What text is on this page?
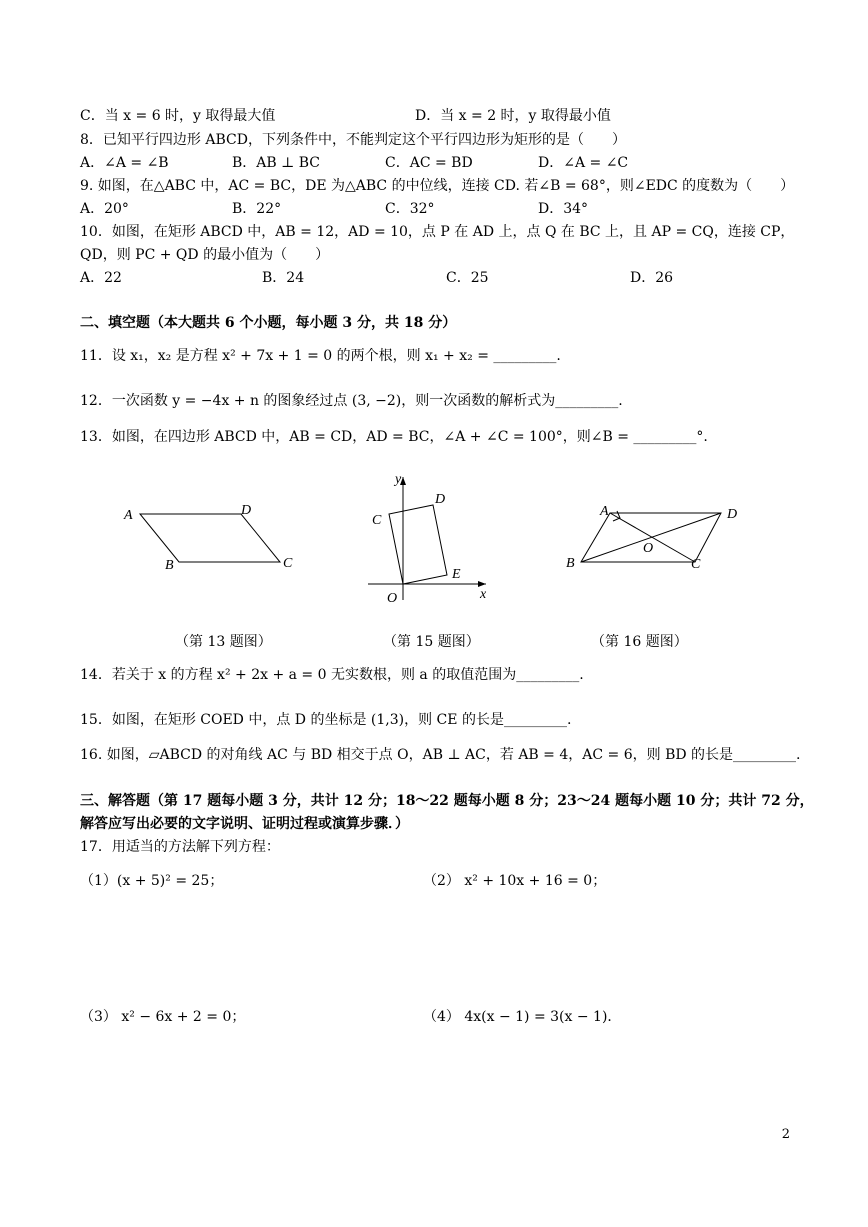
C．当 x = 6 时，y 取得最大值	D．当 x = 2 时，y 取得最小值
8．已知平行四边形 ABCD，下列条件中，不能判定这个平行四边形为矩形的是（　　）
A．∠A = ∠B	B．AB ⊥ BC	C．AC = BD	D．∠A = ∠C
9. 如图，在△ABC 中，AC = BC，DE 为△ABC 的中位线，连接 CD. 若∠B = 68°，则∠EDC 的度数为（　　）
A．20°	B．22°	C．32°	D．34°
10．如图，在矩形 ABCD 中，AB = 12，AD = 10，点 P 在 AD 上，点 Q 在 BC 上，且 AP = CQ，连接 CP，
QD，则 PC + QD 的最小值为（　　）
A．22	B．24	C．25	D．26
二、填空题（本大题共 6 个小题，每小题 3 分，共 18 分）
11．设 x₁，x₂ 是方程 x² + 7x + 1 = 0 的两个根，则 x₁ + x₂ = _________.
12．一次函数 y = −4x + n 的图象经过点 (3, −2)，则一次函数的解析式为_________.
13．如图，在四边形 ABCD 中，AB = CD，AD = BC，∠A + ∠C = 100°，则∠B = _________°.
A	D
B	C
y
x
C
D
E
O
A	D
B	C
O
（第 13 题图）	（第 15 题图）	（第 16 题图）
14．若关于 x 的方程 x² + 2x + a = 0 无实数根，则 a 的取值范围为_________.
15．如图，在矩形 COED 中，点 D 的坐标是 (1,3)，则 CE 的长是_________.
16. 如图，▱ABCD 的对角线 AC 与 BD 相交于点 O，AB ⊥ AC，若 AB = 4，AC = 6，则 BD 的长是_________.
三、解答题（第 17 题每小题 3 分，共计 12 分；18～22 题每小题 8 分；23～24 题每小题 10 分；共计 72 分，
解答应写出必要的文字说明、证明过程或演算步骤．）
17．用适当的方法解下列方程：
（1）(x + 5)² = 25；	（2） x² + 10x + 16 = 0；
（3） x² − 6x + 2 = 0；	（4） 4x(x − 1) = 3(x − 1)．
2
